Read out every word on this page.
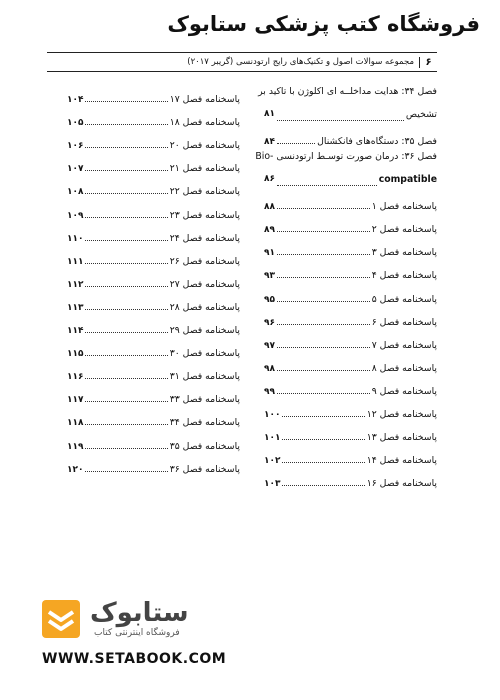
فروشگاه کتب پزشکی ستابوک
۶
مجموعه سوالات اصول و تکنیک‌های رایج ارتودنسی (گریبر ۲۰۱۷)
فصل ۳۴: هدایت مداخلــه ای اکلوژن با تاکید بر
تشخیص
۸۱
فصل ۳۵: دستگاه‌های فانکشنال
۸۴
فصل ۳۶: درمان صورت توسـط ارتودنسی -Bio
compatible
۸۶
پاسخنامه فصل ۱
۸۸
پاسخنامه فصل ۲
۸۹
پاسخنامه فصل ۳
۹۱
پاسخنامه فصل ۴
۹۳
پاسخنامه فصل ۵
۹۵
پاسخنامه فصل ۶
۹۶
پاسخنامه فصل ۷
۹۷
پاسخنامه فصل ۸
۹۸
پاسخنامه فصل ۹
۹۹
پاسخنامه فصل ۱۲
۱۰۰
پاسخنامه فصل ۱۳
۱۰۱
پاسخنامه فصل ۱۴
۱۰۲
پاسخنامه فصل ۱۶
۱۰۳
پاسخنامه فصل ۱۷
۱۰۴
پاسخنامه فصل ۱۸
۱۰۵
پاسخنامه فصل ۲۰
۱۰۶
پاسخنامه فصل ۲۱
۱۰۷
پاسخنامه فصل ۲۲
۱۰۸
پاسخنامه فصل ۲۳
۱۰۹
پاسخنامه فصل ۲۴
۱۱۰
پاسخنامه فصل ۲۶
۱۱۱
پاسخنامه فصل ۲۷
۱۱۲
پاسخنامه فصل ۲۸
۱۱۳
پاسخنامه فصل ۲۹
۱۱۴
پاسخنامه فصل ۳۰
۱۱۵
پاسخنامه فصل ۳۱
۱۱۶
پاسخنامه فصل ۳۳
۱۱۷
پاسخنامه فصل ۳۴
۱۱۸
پاسخنامه فصل ۳۵
۱۱۹
پاسخنامه فصل ۳۶
۱۲۰
ستابوک
فروشگاه اینترنتی کتاب
WWW.SETABOOK.COM
